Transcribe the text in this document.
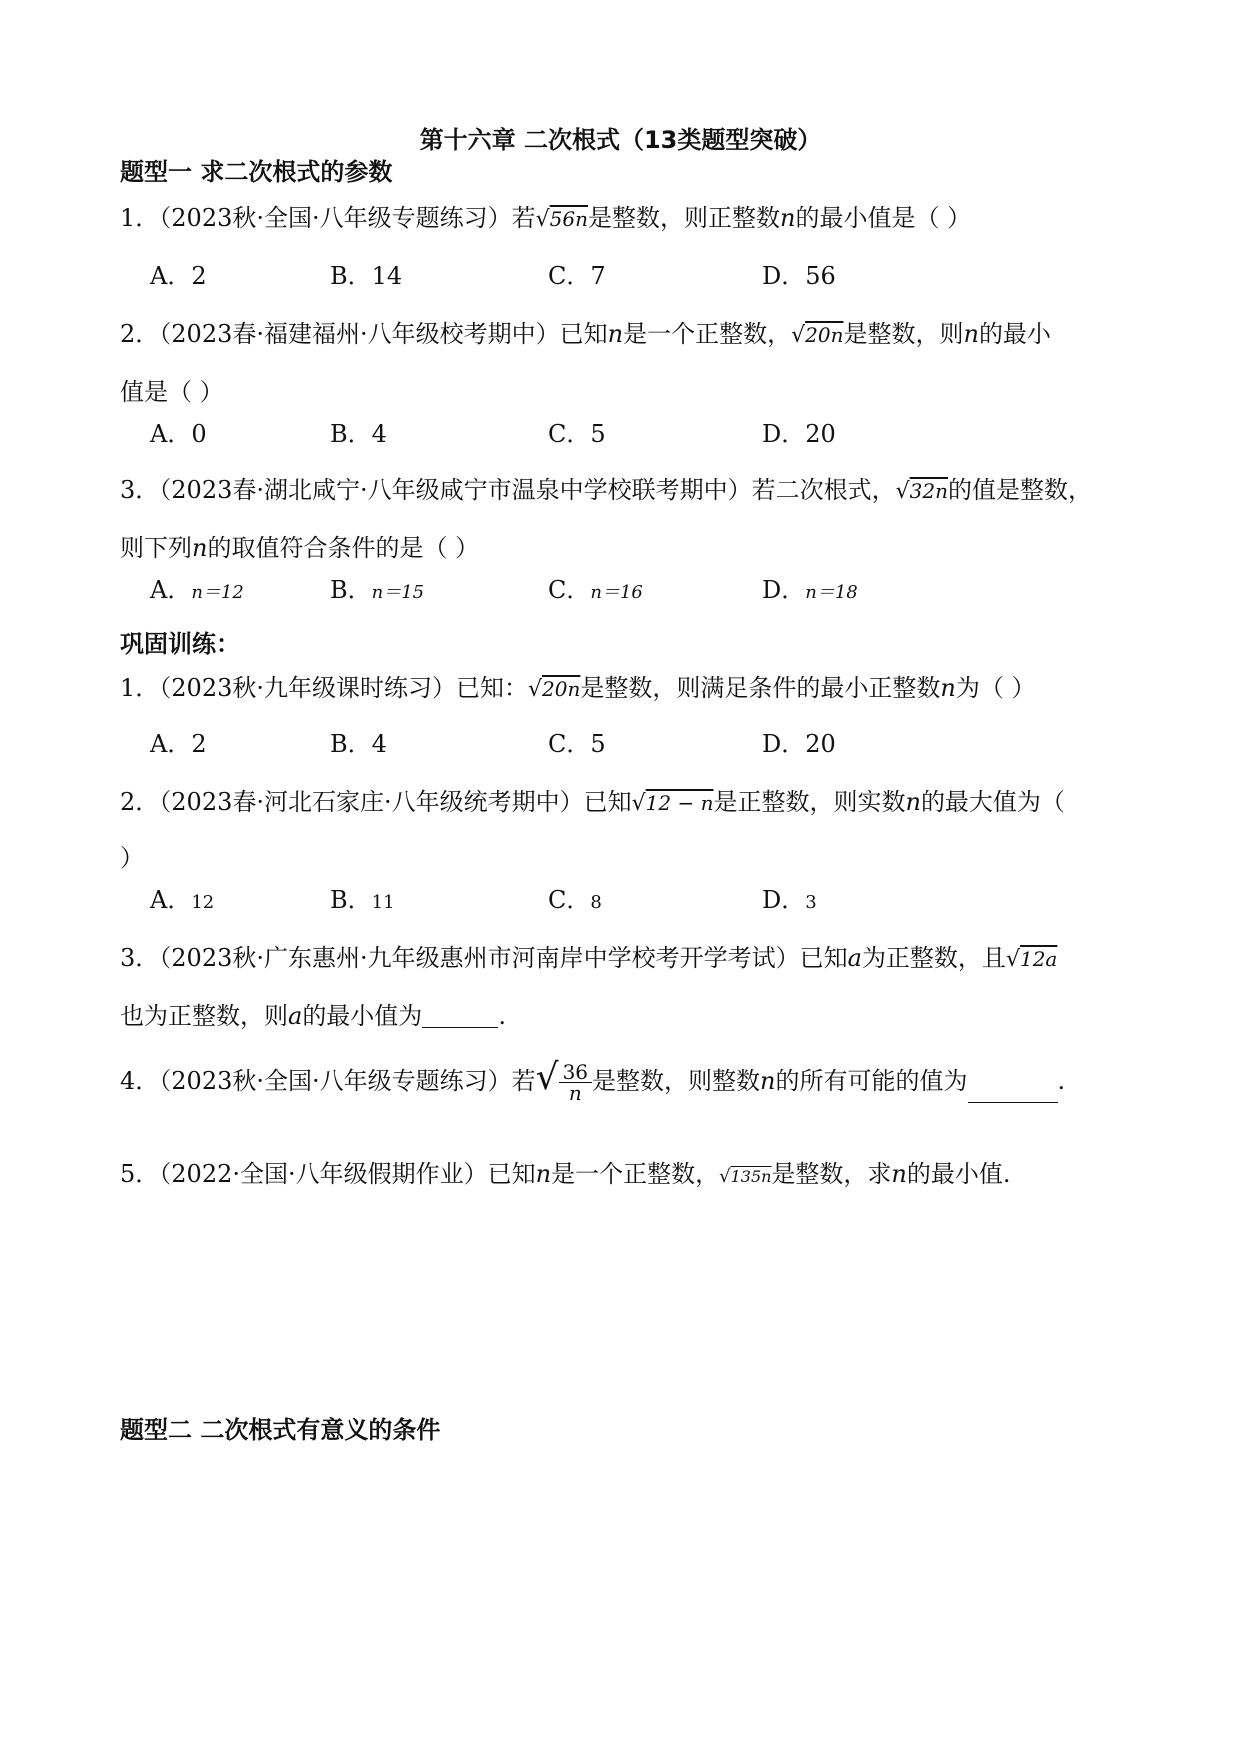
第十六章 二次根式（13类题型突破）
题型一 求二次根式的参数
1．（2023秋·全国·八年级专题练习）若√56n是整数，则正整数n的最小值是（ ）
A．2	B．14	C．7	D．56
2．（2023春·福建福州·八年级校考期中）已知n是一个正整数，√20n是整数，则n的最小
值是（ ）
A．0	B．4	C．5	D．20
3．（2023春·湖北咸宁·八年级咸宁市温泉中学校联考期中）若二次根式，√32n的值是整数，
则下列n的取值符合条件的是（ ）
A．n＝12	B．n＝15	C．n＝16	D．n＝18
巩固训练：
1．（2023秋·九年级课时练习）已知：√20n是整数，则满足条件的最小正整数n为（ ）
A．2	B．4	C．5	D．20
2．（2023春·河北石家庄·八年级统考期中）已知√12 − n是正整数，则实数n的最大值为（
）
A．12	B．11	C．8	D．3
3．（2023秋·广东惠州·九年级惠州市河南岸中学校考开学考试）已知a为正整数，且√12a
也为正整数，则a的最小值为	.
4．（2023秋·全国·八年级专题练习）若√ $\frac{36}{n}$ 是整数，则整数n的所有可能的值为	.
5．（2022·全国·八年级假期作业）已知n是一个正整数，√135n是整数，求n的最小值.
题型二 二次根式有意义的条件
